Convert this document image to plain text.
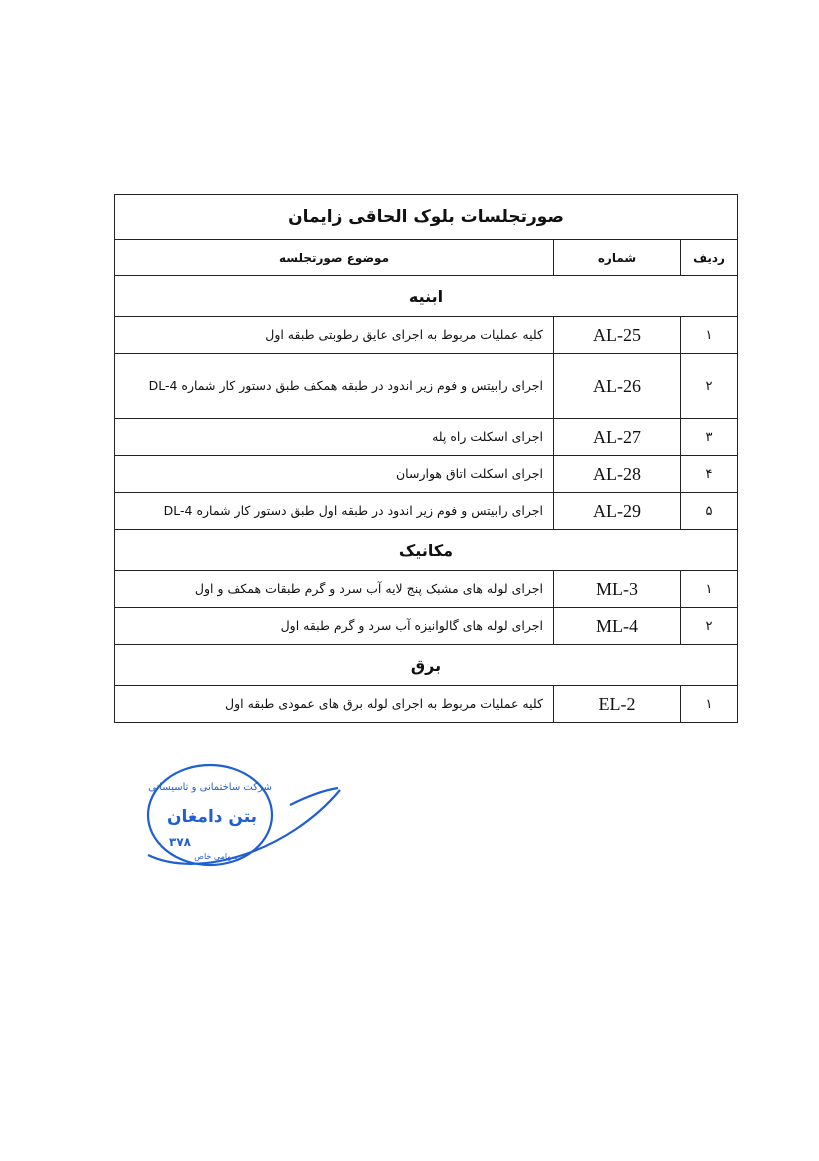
صورتجلسات بلوک الحاقی زایمان		
ردیف	شماره	موضوع صورتجلسه
ابنیه		
۱	AL-25	کلیه عملیات مربوط به اجرای عایق رطوبتی طبقه اول
۲	AL-26	اجرای رابیتس و فوم زیر اندود در طبقه همکف طبق دستور کار شماره DL-4
۳	AL-27	اجرای اسکلت راه پله
۴	AL-28	اجرای اسکلت اتاق هوارسان
۵	AL-29	اجرای رابیتس و فوم زیر اندود در طبقه اول طبق دستور کار شماره DL-4
مکانیک		
۱	ML-3	اجرای لوله های مشبک پنج لایه آب سرد و گرم طبقات همکف و اول
۲	ML-4	اجرای لوله های گالوانیزه آب سرد و گرم طبقه اول
برق		
۱	EL-2	کلیه عملیات مربوط به اجرای لوله برق های عمودی طبقه اول
شرکت ساختمانی و تاسیساتی
بتن دامغان
۳۷۸
سهامی خاص
